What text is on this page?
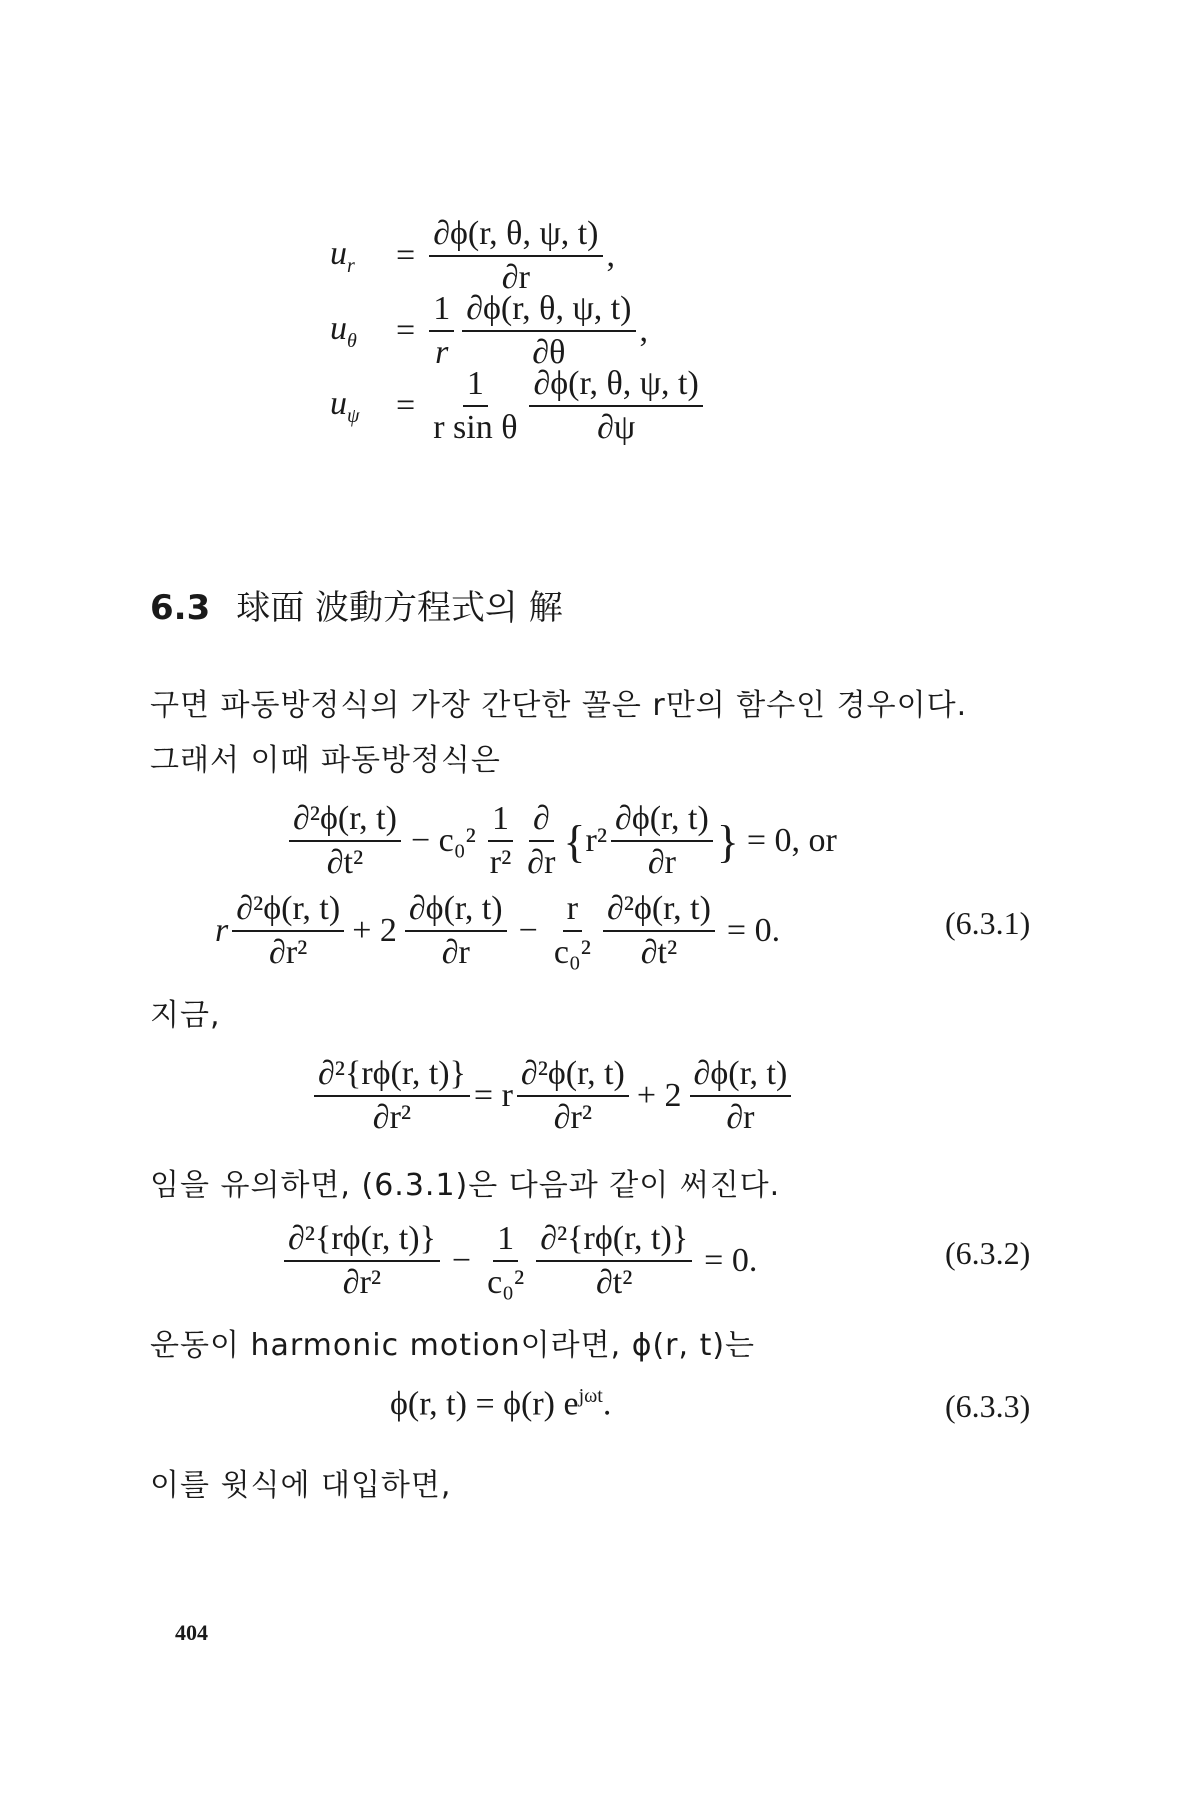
$u_r$	= $\frac{\partial\phi(r, \theta, \psi, t)}{\partial r}$ ,
$u_\theta$	= $\frac{1}{r} \frac{\partial\phi(r, \theta, \psi, t)}{\partial\theta}$ ,
$u_\psi$	= $\frac{1}{\text{r sin θ}} \frac{\partial\phi(r, \theta, \psi, t)}{\partial\psi}$
6.3 球面 波動方程式의 解
구면 파동방정식의 가장 간단한 꼴은 r만의 함수인 경우이다.
그래서 이때 파동방정식은
$\frac{\text{∂²ϕ(r, t)}}{\text{∂t²}} - c_0^2 \frac{1}{\text{r²}} \frac{\partial}{\partial r}$ { $r^2 \frac{\partial\phi(r, t)}{\partial r}$ } = 0, or
r $\frac{\text{∂²ϕ(r, t)}}{\text{∂r²}} + 2 \frac{\partial\phi(r, t)}{\partial r} - \frac{r}{\text{c₀²}} \frac{\text{∂²ϕ(r, t)}}{\text{∂t²}} = 0$.	(6.3.1)
지금,
$\frac{\text{∂²\{rϕ(r, t)\}}}{\text{∂r²}} = r \frac{\text{∂²ϕ(r, t)}}{\text{∂r²}} + 2 \frac{\partial\phi(r, t)}{\partial r}$
임을 유의하면, (6.3.1)은 다음과 같이 써진다.
$\frac{\text{∂²\{rϕ(r, t)\}}}{\text{∂r²}} - \frac{1}{\text{c₀²}} \frac{\text{∂²\{rϕ(r, t)\}}}{\text{∂t²}} = 0$.	(6.3.2)
운동이 harmonic motion이라면, ϕ(r, t)는
ϕ(r, t) = ϕ(r) $e^{j\omega t}$.	(6.3.3)
이를 윗식에 대입하면,
404
